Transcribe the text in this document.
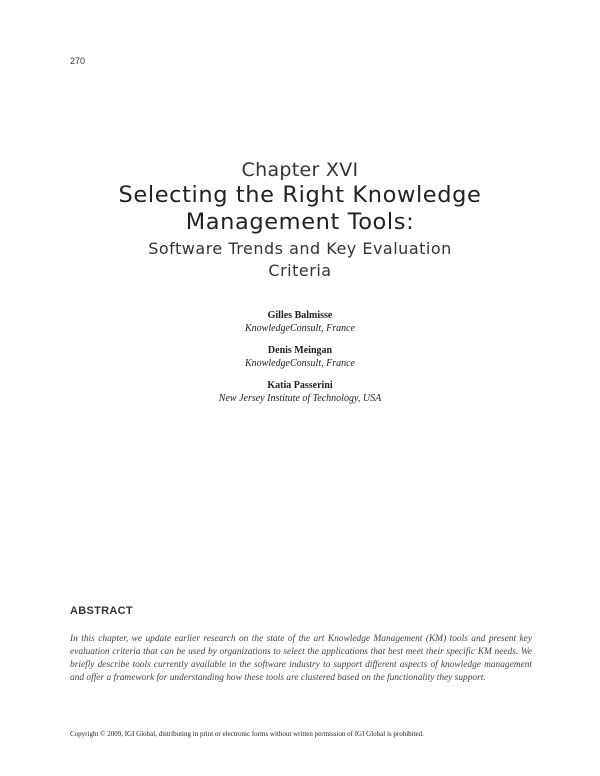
270
Chapter XVI
Selecting the Right Knowledge
Management Tools:
Software Trends and Key Evaluation
Criteria
Gilles Balmisse
KnowledgeConsult, France
Denis Meingan
KnowledgeConsult, France
Katia Passerini
New Jersey Institute of Technology, USA
ABSTRACT

In this chapter, we update earlier research on the state of the art Knowledge Management (KM) tools and present key evaluation criteria that can be used by organizations to select the applications that best meet their specific KM needs. We briefly describe tools currently available in the software industry to support different aspects of knowledge management and offer a framework for understanding how these tools are clustered based on the functionality they support.

Copyright © 2009, IGI Global, distributing in print or electronic forms without written permission of IGI Global is prohibited.
